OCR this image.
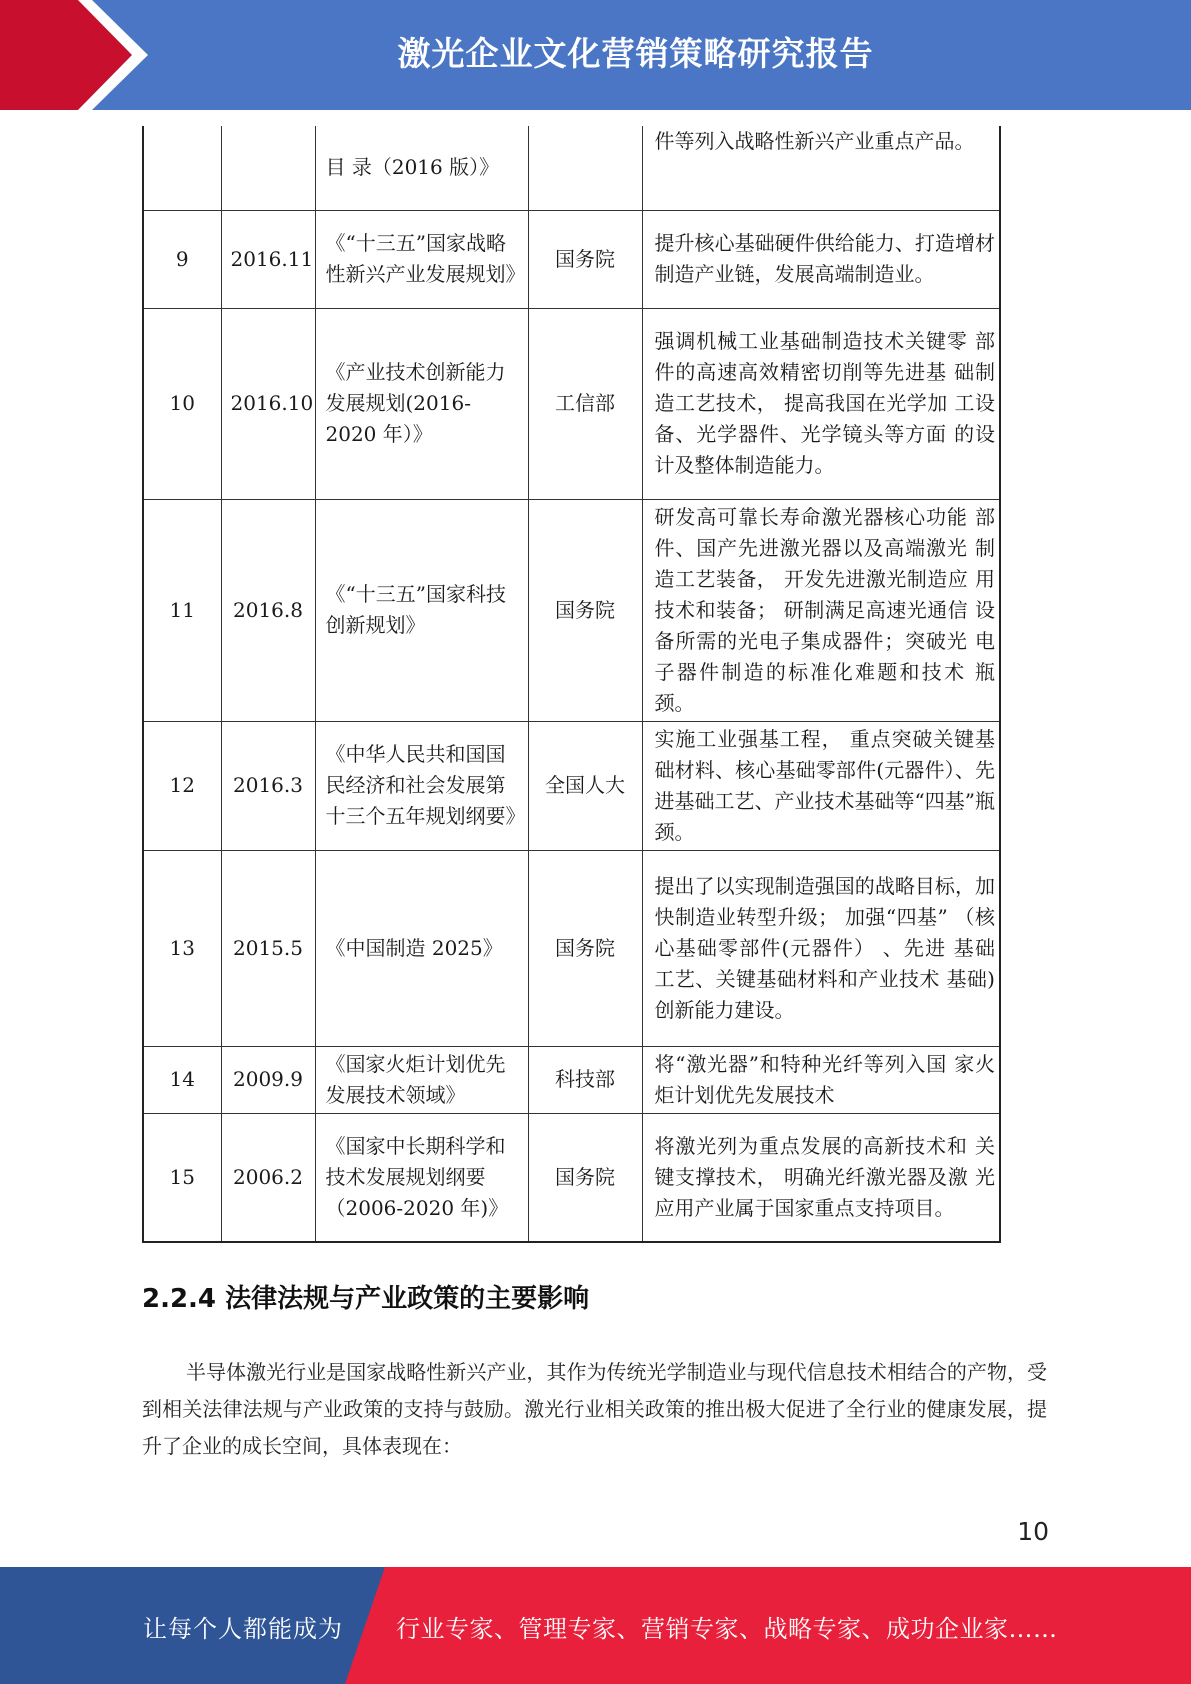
激光企业文化营销策略研究报告
		目 录（2016 版）》		件等列入战略性新兴产业重点产品。
9	2016.11	《“十三五”国家战略性新兴产业发展规划》	国务院	提升核心基础硬件供给能力、打造增材制造产业链，发展高端制造业。
10	2016.10	《产业技术创新能力发展规划(2016-2020 年）》	工信部	强调机械工业基础制造技术关键零 部件的高速高效精密切削等先进基 础制造工艺技术， 提高我国在光学加 工设备、光学器件、光学镜头等方面 的设计及整体制造能力。
11	2016.8	《“十三五”国家科技创新规划》	国务院	研发高可靠长寿命激光器核心功能 部件、国产先进激光器以及高端激光 制造工艺装备， 开发先进激光制造应 用技术和装备； 研制满足高速光通信 设备所需的光电子集成器件；突破光 电子器件制造的标准化难题和技术 瓶颈。
12	2016.3	《中华人民共和国国民经济和社会发展第 十三个五年规划纲要》	全国人大	实施工业强基工程， 重点突破关键基础材料、核心基础零部件(元器件）、先进基础工艺、产业技术基础等“四基”瓶颈。
13	2015.5	《中国制造 2025》	国务院	提出了以实现制造强国的战略目标，加快制造业转型升级； 加强“四基” （核心基础零部件(元器件） 、先进 基础工艺、关键基础材料和产业技术 基础)创新能力建设。
14	2009.9	《国家火炬计划优先 发展技术领域》	科技部	将“激光器”和特种光纤等列入国 家火炬计划优先发展技术
15	2006.2	《国家中长期科学和技术发展规划纲要（2006-2020 年)》	国务院	将激光列为重点发展的高新技术和 关键支撑技术， 明确光纤激光器及激 光应用产业属于国家重点支持项目。
2.2.4 法律法规与产业政策的主要影响

半导体激光行业是国家战略性新兴产业，其作为传统光学制造业与现代信息技术相结合的产物，受到相关法律法规与产业政策的支持与鼓励。激光行业相关政策的推出极大促进了全行业的健康发展，提升了企业的成长空间，具体表现在：

10
让每个人都能成为 行业专家、管理专家、营销专家、战略专家、成功企业家……
